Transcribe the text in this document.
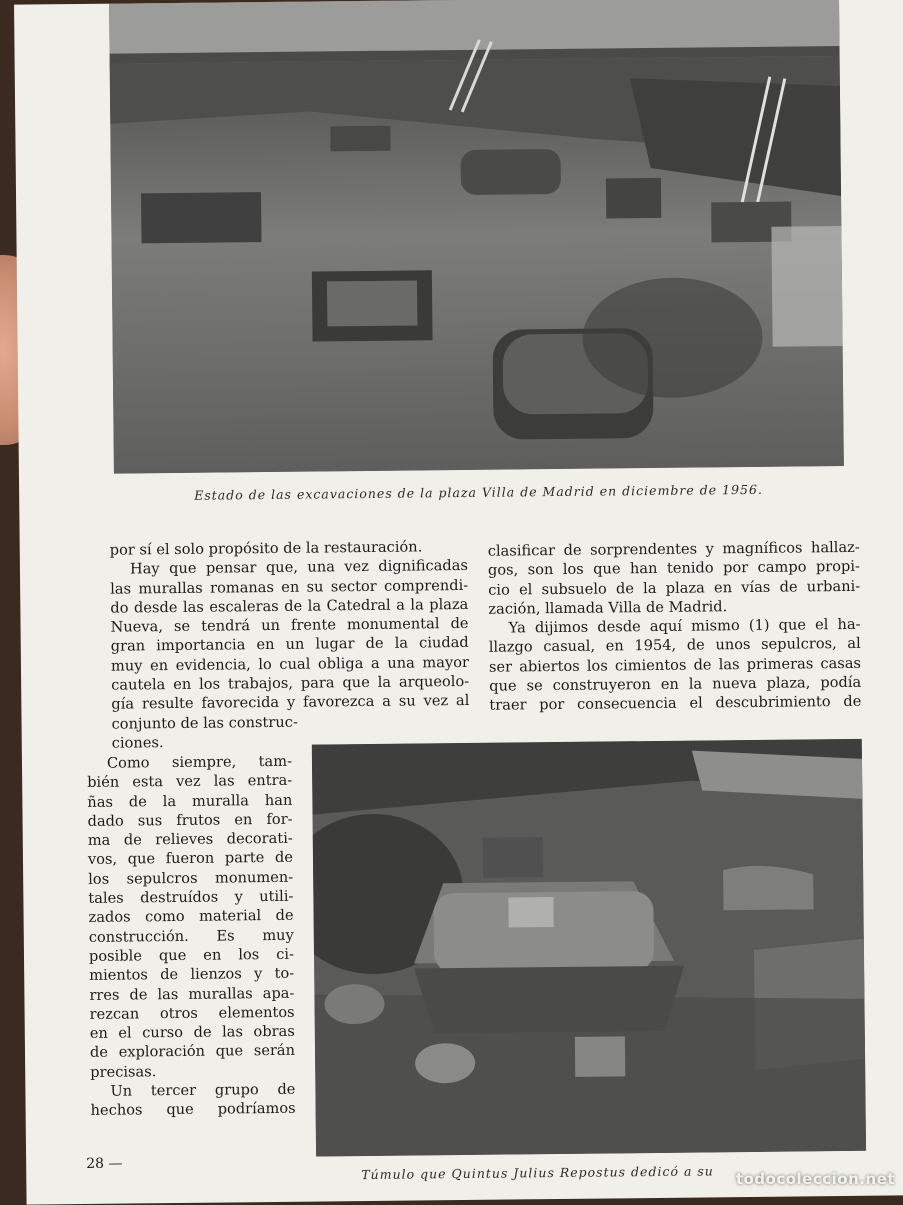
Estado de las excavaciones de la plaza Villa de Madrid en diciembre de 1956.
por sí el solo propósito de la restauración.
Hay que pensar que, una vez dignificadas
las murallas romanas en su sector comprendi-
do desde las escaleras de la Catedral a la plaza
Nueva, se tendrá un frente monumental de
gran importancia en un lugar de la ciudad
muy en evidencia, lo cual obliga a una mayor
cautela en los trabajos, para que la arqueolo-
gía resulte favorecida y favorezca a su vez al
conjunto de las construc-
ciones.
Como siempre, tam-
bién esta vez las entra-
ñas de la muralla han
dado sus frutos en for-
ma de relieves decorati-
vos, que fueron parte de
los sepulcros monumen-
tales destruídos y utili-
zados como material de
construcción. Es muy
posible que en los ci-
mientos de lienzos y to-
rres de las murallas apa-
rezcan otros elementos
en el curso de las obras
de exploración que serán
precisas.
Un tercer grupo de
hechos que podríamos
clasificar de sorprendentes y magníficos hallaz-
gos, son los que han tenido por campo propi-
cio el subsuelo de la plaza en vías de urbani-
zación, llamada Villa de Madrid.
Ya dijimos desde aquí mismo (1) que el ha-
llazgo casual, en 1954, de unos sepulcros, al
ser abiertos los cimientos de las primeras casas
que se construyeron en la nueva plaza, podía
traer por consecuencia el descubrimiento de
Túmulo que Quintus Julius Repostus dedicó a su
28 —
todocoleccion.net
